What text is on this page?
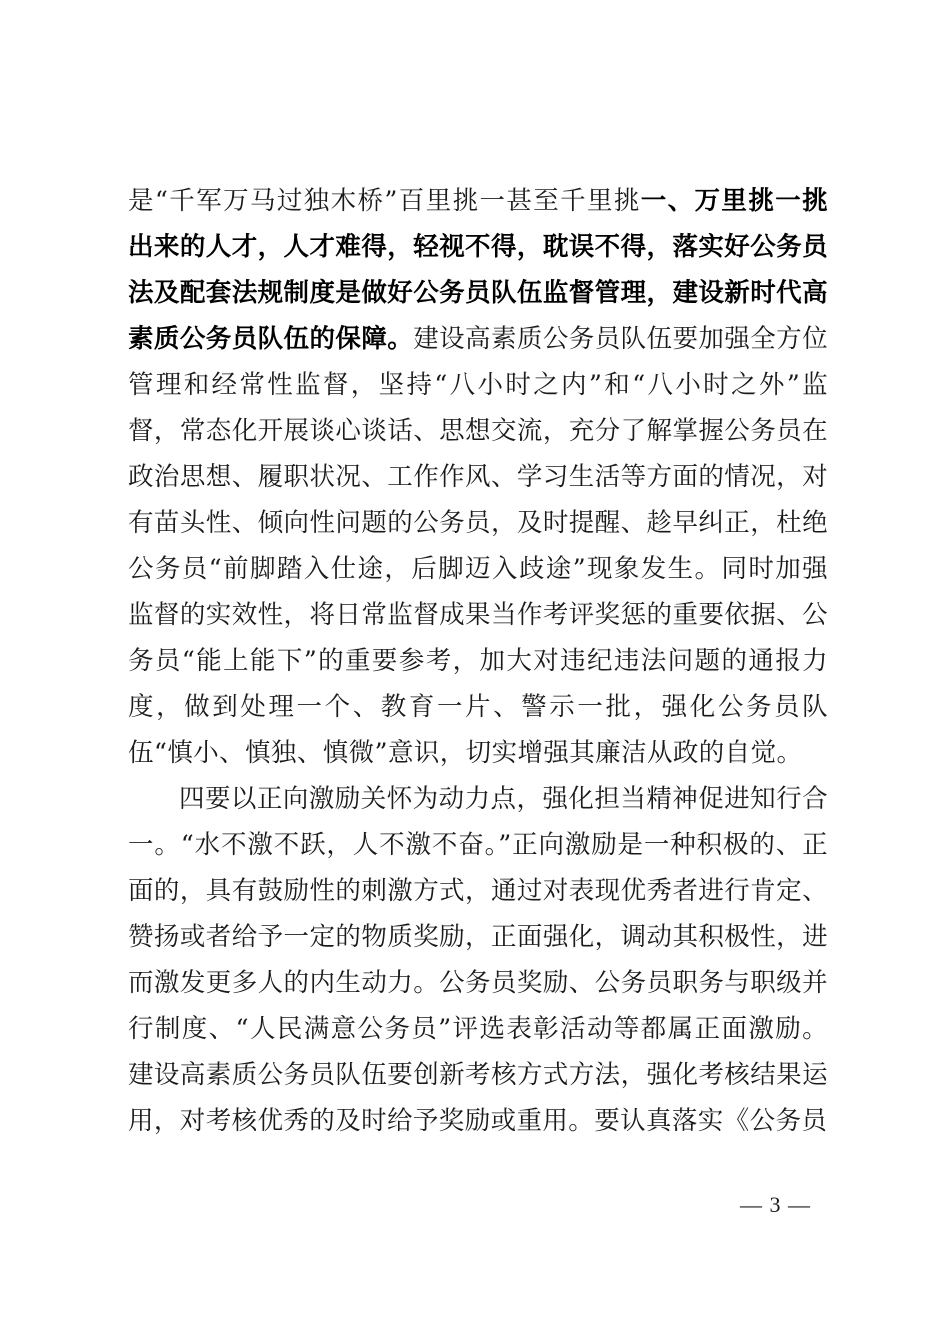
是“千军万马过独木桥”百里挑一甚至千里挑一、万里挑一挑出来的人才，人才难得，轻视不得，耽误不得，落实好公务员法及配套法规制度是做好公务员队伍监督管理，建设新时代高素质公务员队伍的保障。建设高素质公务员队伍要加强全方位管理和经常性监督，坚持“八小时之内”和“八小时之外”监督，常态化开展谈心谈话、思想交流，充分了解掌握公务员在政治思想、履职状况、工作作风、学习生活等方面的情况，对有苗头性、倾向性问题的公务员，及时提醒、趁早纠正，杜绝公务员“前脚踏入仕途，后脚迈入歧途”现象发生。同时加强监督的实效性，将日常监督成果当作考评奖惩的重要依据、公务员“能上能下”的重要参考，加大对违纪违法问题的通报力度，做到处理一个、教育一片、警示一批，强化公务员队伍“慎小、慎独、慎微”意识，切实增强其廉洁从政的自觉。

四要以正向激励关怀为动力点，强化担当精神促进知行合一。“水不激不跃，人不激不奋。”正向激励是一种积极的、正面的，具有鼓励性的刺激方式，通过对表现优秀者进行肯定、赞扬或者给予一定的物质奖励，正面强化，调动其积极性，进而激发更多人的内生动力。公务员奖励、公务员职务与职级并行制度、“人民满意公务员”评选表彰活动等都属正面激励。建设高素质公务员队伍要创新考核方式方法，强化考核结果运用，对考核优秀的及时给予奖励或重用。要认真落实《公务员

— 3 —
